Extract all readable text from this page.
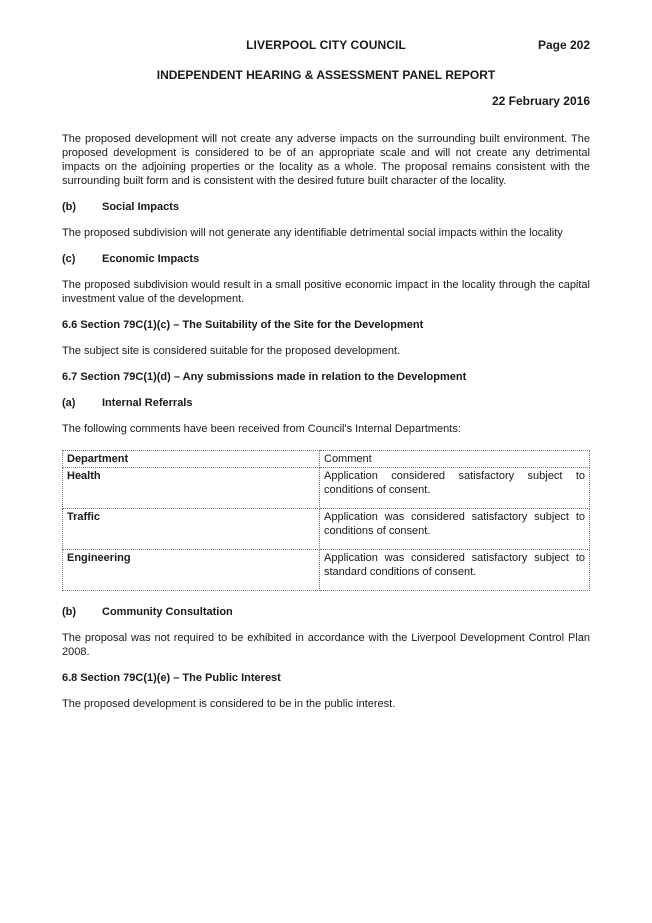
LIVERPOOL CITY COUNCIL	Page 202
INDEPENDENT HEARING & ASSESSMENT PANEL REPORT
22 February 2016

The proposed development will not create any adverse impacts on the surrounding built environment. The proposed development is considered to be of an appropriate scale and will not create any detrimental impacts on the adjoining properties or the locality as a whole. The proposal remains consistent with the surrounding built form and is consistent with the desired future built character of the locality.

(b)	Social Impacts

The proposed subdivision will not generate any identifiable detrimental social impacts within the locality

(c)	Economic Impacts

The proposed subdivision would result in a small positive economic impact in the locality through the capital investment value of the development.

6.6 Section 79C(1)(c) – The Suitability of the Site for the Development

The subject site is considered suitable for the proposed development.

6.7 Section 79C(1)(d) – Any submissions made in relation to the Development
(a)	Internal Referrals

The following comments have been received from Council's Internal Departments:

Department	Comment
Health	Application considered satisfactory subject to conditions of consent.
Traffic	Application was considered satisfactory subject to conditions of consent.
Engineering	Application was considered satisfactory subject to standard conditions of consent.
(b)	Community Consultation

The proposal was not required to be exhibited in accordance with the Liverpool Development Control Plan 2008.

6.8 Section 79C(1)(e) – The Public Interest

The proposed development is considered to be in the public interest.
